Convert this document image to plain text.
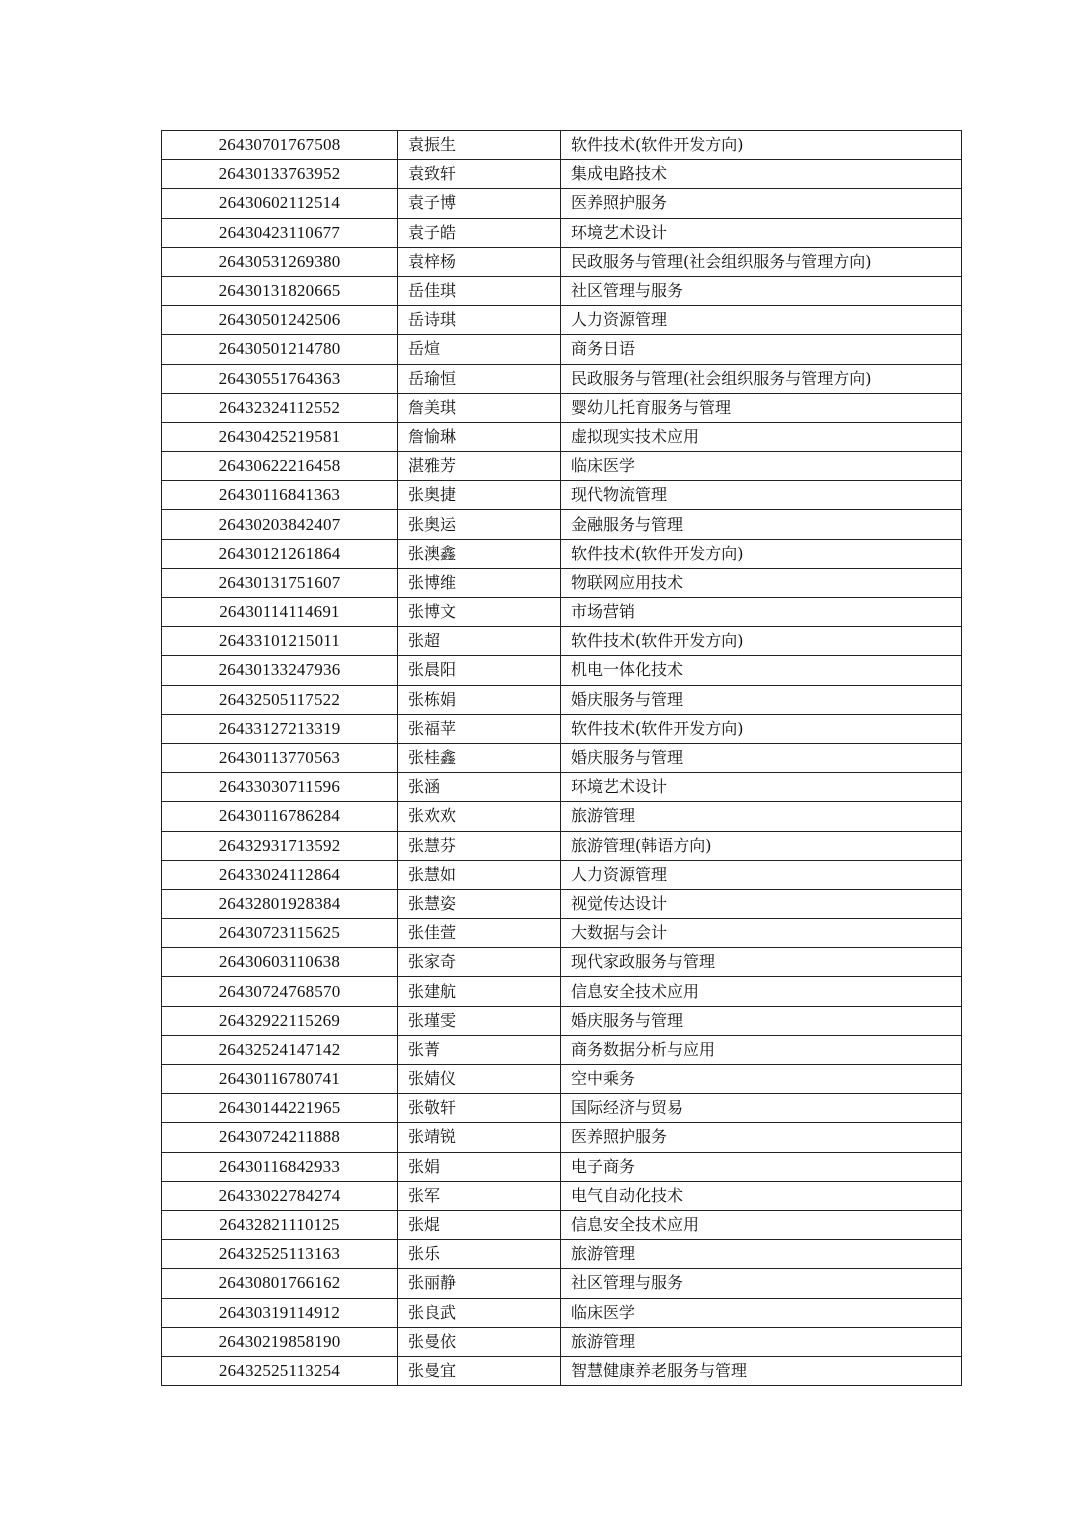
26430701767508	袁振生	软件技术(软件开发方向)
26430133763952	袁致轩	集成电路技术
26430602112514	袁子博	医养照护服务
26430423110677	袁子皓	环境艺术设计
26430531269380	袁梓杨	民政服务与管理(社会组织服务与管理方向)
26430131820665	岳佳琪	社区管理与服务
26430501242506	岳诗琪	人力资源管理
26430501214780	岳煊	商务日语
26430551764363	岳瑜恒	民政服务与管理(社会组织服务与管理方向)
26432324112552	詹美琪	婴幼儿托育服务与管理
26430425219581	詹愉琳	虚拟现实技术应用
26430622216458	湛雅芳	临床医学
26430116841363	张奥捷	现代物流管理
26430203842407	张奥运	金融服务与管理
26430121261864	张澳鑫	软件技术(软件开发方向)
26430131751607	张博维	物联网应用技术
26430114114691	张博文	市场营销
26433101215011	张超	软件技术(软件开发方向)
26430133247936	张晨阳	机电一体化技术
26432505117522	张栋娟	婚庆服务与管理
26433127213319	张福苹	软件技术(软件开发方向)
26430113770563	张桂鑫	婚庆服务与管理
26433030711596	张涵	环境艺术设计
26430116786284	张欢欢	旅游管理
26432931713592	张慧芬	旅游管理(韩语方向)
26433024112864	张慧如	人力资源管理
26432801928384	张慧姿	视觉传达设计
26430723115625	张佳萱	大数据与会计
26430603110638	张家奇	现代家政服务与管理
26430724768570	张建航	信息安全技术应用
26432922115269	张瑾雯	婚庆服务与管理
26432524147142	张菁	商务数据分析与应用
26430116780741	张婧仪	空中乘务
26430144221965	张敬轩	国际经济与贸易
26430724211888	张靖锐	医养照护服务
26430116842933	张娟	电子商务
26433022784274	张军	电气自动化技术
26432821110125	张焜	信息安全技术应用
26432525113163	张乐	旅游管理
26430801766162	张丽静	社区管理与服务
26430319114912	张良武	临床医学
26430219858190	张曼依	旅游管理
26432525113254	张曼宜	智慧健康养老服务与管理
